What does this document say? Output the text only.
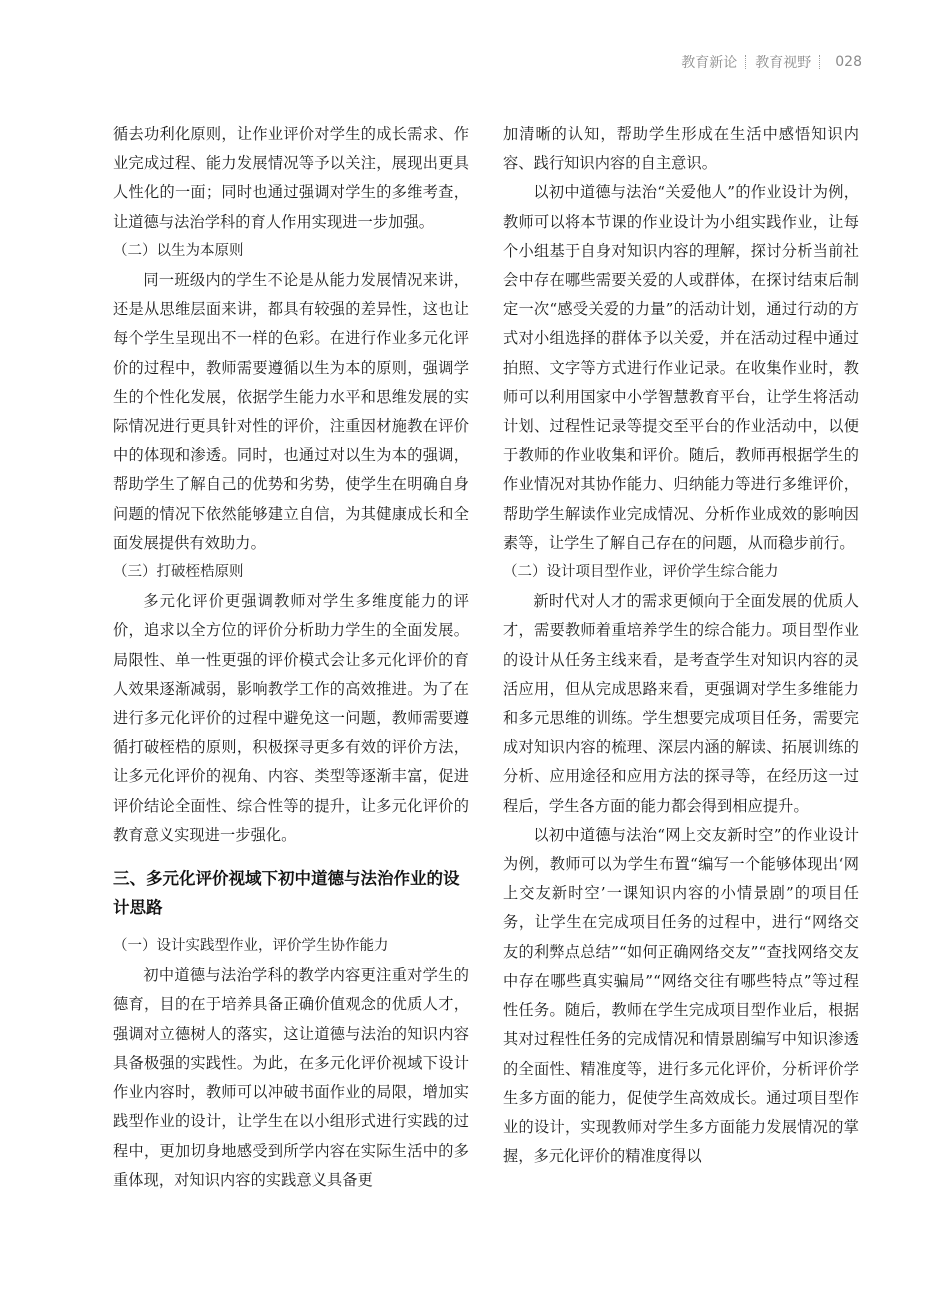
教育新论 教育视野 028

循去功利化原则，让作业评价对学生的成长需求、作业完成过程、能力发展情况等予以关注，展现出更具人性化的一面；同时也通过强调对学生的多维考查，让道德与法治学科的育人作用实现进一步加强。

（二）以生为本原则

同一班级内的学生不论是从能力发展情况来讲，还是从思维层面来讲，都具有较强的差异性，这也让每个学生呈现出不一样的色彩。在进行作业多元化评价的过程中，教师需要遵循以生为本的原则，强调学生的个性化发展，依据学生能力水平和思维发展的实际情况进行更具针对性的评价，注重因材施教在评价中的体现和渗透。同时，也通过对以生为本的强调，帮助学生了解自己的优势和劣势，使学生在明确自身问题的情况下依然能够建立自信，为其健康成长和全面发展提供有效助力。

（三）打破桎梏原则

多元化评价更强调教师对学生多维度能力的评价，追求以全方位的评价分析助力学生的全面发展。局限性、单一性更强的评价模式会让多元化评价的育人效果逐渐减弱，影响教学工作的高效推进。为了在进行多元化评价的过程中避免这一问题，教师需要遵循打破桎梏的原则，积极探寻更多有效的评价方法，让多元化评价的视角、内容、类型等逐渐丰富，促进评价结论全面性、综合性等的提升，让多元化评价的教育意义实现进一步强化。

三、多元化评价视域下初中道德与法治作业的设计思路
（一）设计实践型作业，评价学生协作能力

初中道德与法治学科的教学内容更注重对学生的德育，目的在于培养具备正确价值观念的优质人才，强调对立德树人的落实，这让道德与法治的知识内容具备极强的实践性。为此，在多元化评价视域下设计作业内容时，教师可以冲破书面作业的局限，增加实践型作业的设计，让学生在以小组形式进行实践的过程中，更加切身地感受到所学内容在实际生活中的多重体现，对知识内容的实践意义具备更

加清晰的认知，帮助学生形成在生活中感悟知识内容、践行知识内容的自主意识。

以初中道德与法治“关爱他人”的作业设计为例，教师可以将本节课的作业设计为小组实践作业，让每个小组基于自身对知识内容的理解，探讨分析当前社会中存在哪些需要关爱的人或群体，在探讨结束后制定一次“感受关爱的力量”的活动计划，通过行动的方式对小组选择的群体予以关爱，并在活动过程中通过拍照、文字等方式进行作业记录。在收集作业时，教师可以利用国家中小学智慧教育平台，让学生将活动计划、过程性记录等提交至平台的作业活动中，以便于教师的作业收集和评价。随后，教师再根据学生的作业情况对其协作能力、归纳能力等进行多维评价，帮助学生解读作业完成情况、分析作业成效的影响因素等，让学生了解自己存在的问题，从而稳步前行。

（二）设计项目型作业，评价学生综合能力

新时代对人才的需求更倾向于全面发展的优质人才，需要教师着重培养学生的综合能力。项目型作业的设计从任务主线来看，是考查学生对知识内容的灵活应用，但从完成思路来看，更强调对学生多维能力和多元思维的训练。学生想要完成项目任务，需要完成对知识内容的梳理、深层内涵的解读、拓展训练的分析、应用途径和应用方法的探寻等，在经历这一过程后，学生各方面的能力都会得到相应提升。

以初中道德与法治“网上交友新时空”的作业设计为例，教师可以为学生布置“编写一个能够体现出‘网上交友新时空’一课知识内容的小情景剧”的项目任务，让学生在完成项目任务的过程中，进行“网络交友的利弊点总结”“如何正确网络交友”“查找网络交友中存在哪些真实骗局”“网络交往有哪些特点”等过程性任务。随后，教师在学生完成项目型作业后，根据其对过程性任务的完成情况和情景剧编写中知识渗透的全面性、精准度等，进行多元化评价，分析评价学生多方面的能力，促使学生高效成长。通过项目型作业的设计，实现教师对学生多方面能力发展情况的掌握，多元化评价的精准度得以
